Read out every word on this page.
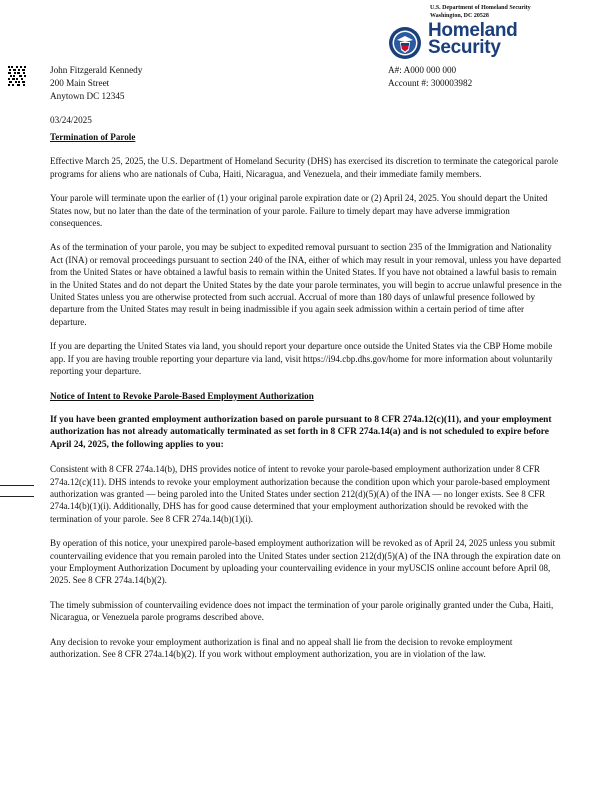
U.S. Department of Homeland Security
Washington, DC 20528
Homeland
Security
John Fitzgerald Kennedy
200 Main Street
Anytown DC 12345
A#: A000 000 000
Account #: 300003982
03/24/2025

Termination of Parole

Effective March 25, 2025, the U.S. Department of Homeland Security (DHS) has exercised its discretion to terminate the categorical parole programs for aliens who are nationals of Cuba, Haiti, Nicaragua, and Venezuela, and their immediate family members.

Your parole will terminate upon the earlier of (1) your original parole expiration date or (2) April 24, 2025. You should depart the United States now, but no later than the date of the termination of your parole. Failure to timely depart may have adverse immigration consequences.

As of the termination of your parole, you may be subject to expedited removal pursuant to section 235 of the Immigration and Nationality Act (INA) or removal proceedings pursuant to section 240 of the INA, either of which may result in your removal, unless you have departed from the United States or have obtained a lawful basis to remain within the United States. If you have not obtained a lawful basis to remain in the United States and do not depart the United States by the date your parole terminates, you will begin to accrue unlawful presence in the United States unless you are otherwise protected from such accrual. Accrual of more than 180 days of unlawful presence followed by departure from the United States may result in being inadmissible if you again seek admission within a certain period of time after departure.

If you are departing the United States via land, you should report your departure once outside the United States via the CBP Home mobile app. If you are having trouble reporting your departure via land, visit https://i94.cbp.dhs.gov/home for more information about voluntarily reporting your departure.

Notice of Intent to Revoke Parole-Based Employment Authorization

If you have been granted employment authorization based on parole pursuant to 8 CFR 274a.12(c)(11), and your employment authorization has not already automatically terminated as set forth in 8 CFR 274a.14(a) and is not scheduled to expire before April 24, 2025, the following applies to you:

Consistent with 8 CFR 274a.14(b), DHS provides notice of intent to revoke your parole-based employment authorization under 8 CFR 274a.12(c)(11). DHS intends to revoke your employment authorization because the condition upon which your parole-based employment authorization was granted — being paroled into the United States under section 212(d)(5)(A) of the INA — no longer exists. See 8 CFR 274a.14(b)(1)(i). Additionally, DHS has for good cause determined that your employment authorization should be revoked with the termination of your parole. See 8 CFR 274a.14(b)(1)(i).

By operation of this notice, your unexpired parole-based employment authorization will be revoked as of April 24, 2025 unless you submit countervailing evidence that you remain paroled into the United States under section 212(d)(5)(A) of the INA through the expiration date on your Employment Authorization Document by uploading your countervailing evidence in your myUSCIS online account before April 08, 2025. See 8 CFR 274a.14(b)(2).

The timely submission of countervailing evidence does not impact the termination of your parole originally granted under the Cuba, Haiti, Nicaragua, or Venezuela parole programs described above.

Any decision to revoke your employment authorization is final and no appeal shall lie from the decision to revoke employment authorization. See 8 CFR 274a.14(b)(2). If you work without employment authorization, you are in violation of the law.
